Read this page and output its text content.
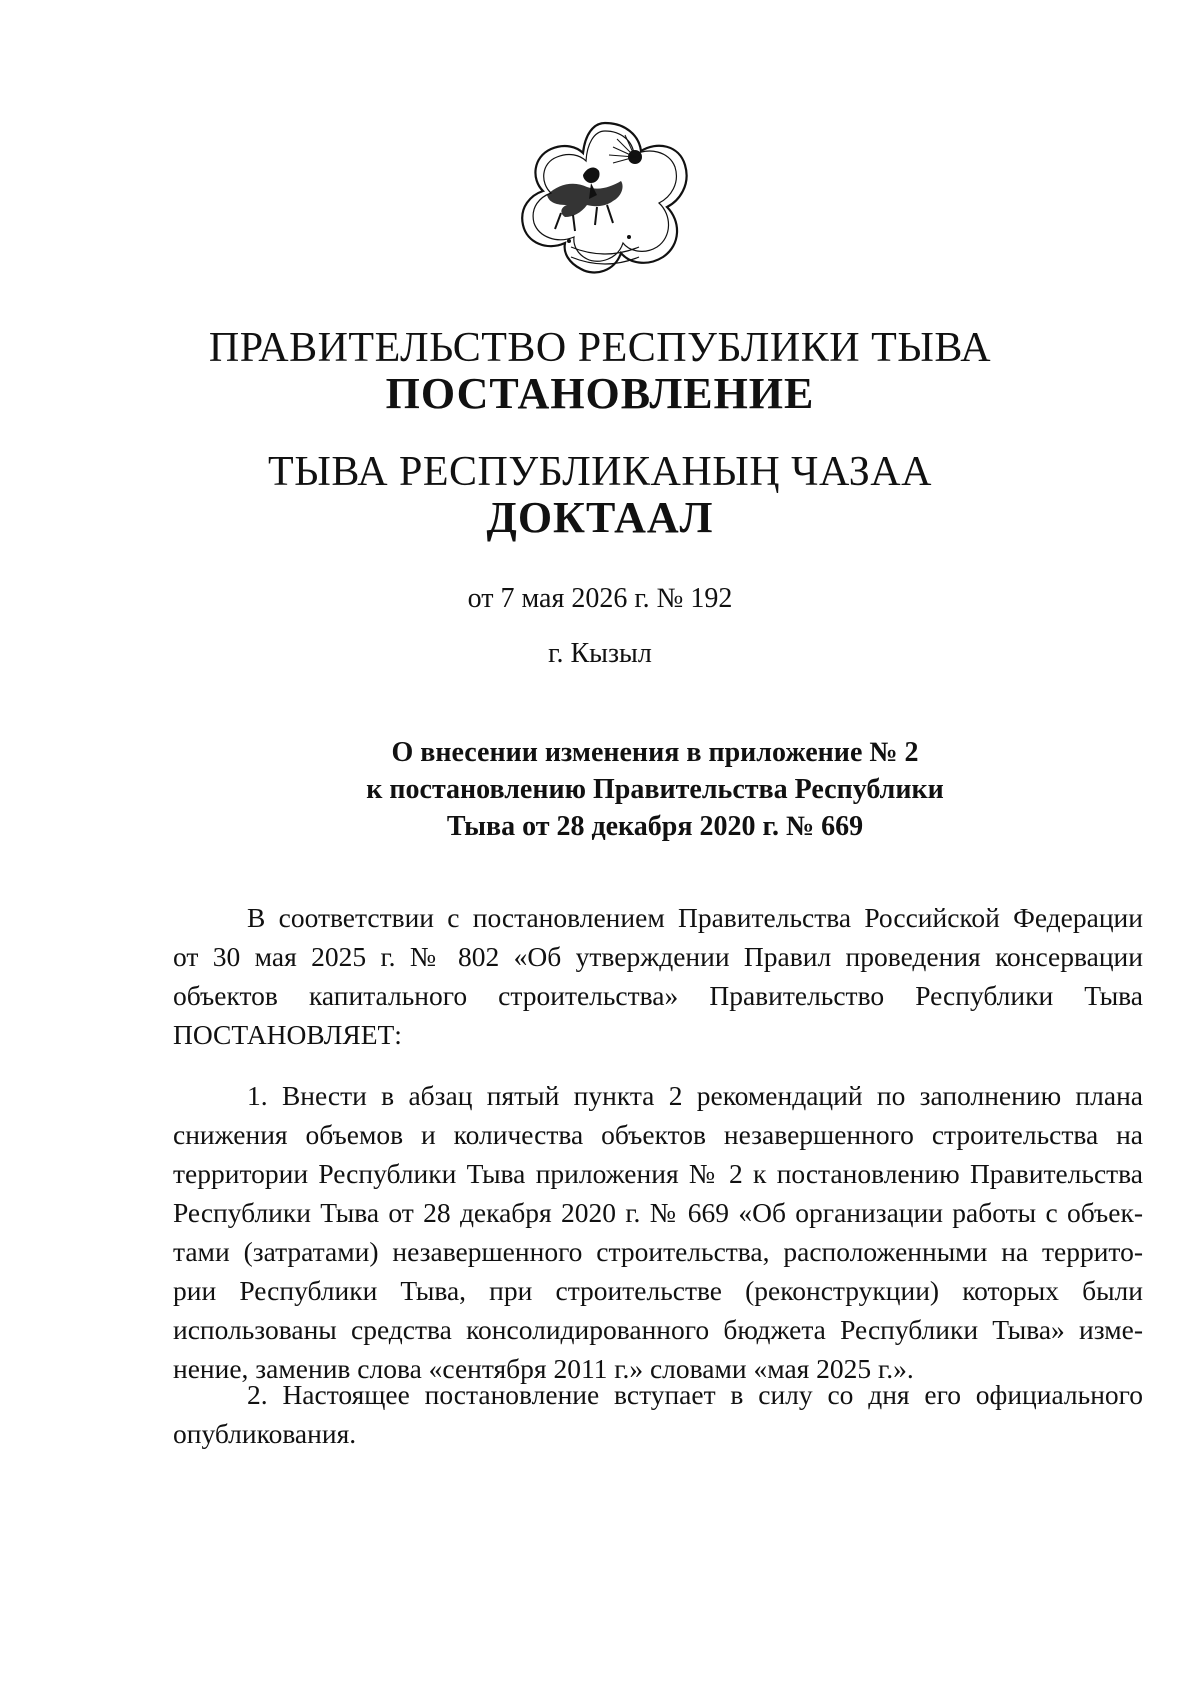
ПРАВИТЕЛЬСТВО РЕСПУБЛИКИ ТЫВА
ПОСТАНОВЛЕНИЕ
ТЫВА РЕСПУБЛИКАНЫҢ ЧАЗАА
ДОКТААЛ
от 7 мая 2026 г. № 192
г. Кызыл
О внесении изменения в приложение № 2
к постановлению Правительства Республики
Тыва от 28 декабря 2020 г. № 669
В соответствии с постановлением Правительства Российской Федерации
от 30 мая 2025 г. № 802 «Об утверждении Правил проведения консервации
объектов капитального строительства» Правительство Республики Тыва
ПОСТАНОВЛЯЕТ:
1. Внести в абзац пятый пункта 2 рекомендаций по заполнению плана
снижения объемов и количества объектов незавершенного строительства на
территории Республики Тыва приложения № 2 к постановлению Правительства
Республики Тыва от 28 декабря 2020 г. № 669 «Об организации работы с объек-
тами (затратами) незавершенного строительства, расположенными на террито-
рии Республики Тыва, при строительстве (реконструкции) которых были
использованы средства консолидированного бюджета Республики Тыва» изме-
нение, заменив слова «сентября 2011 г.» словами «мая 2025 г.».
2. Настоящее постановление вступает в силу со дня его официального
опубликования.
